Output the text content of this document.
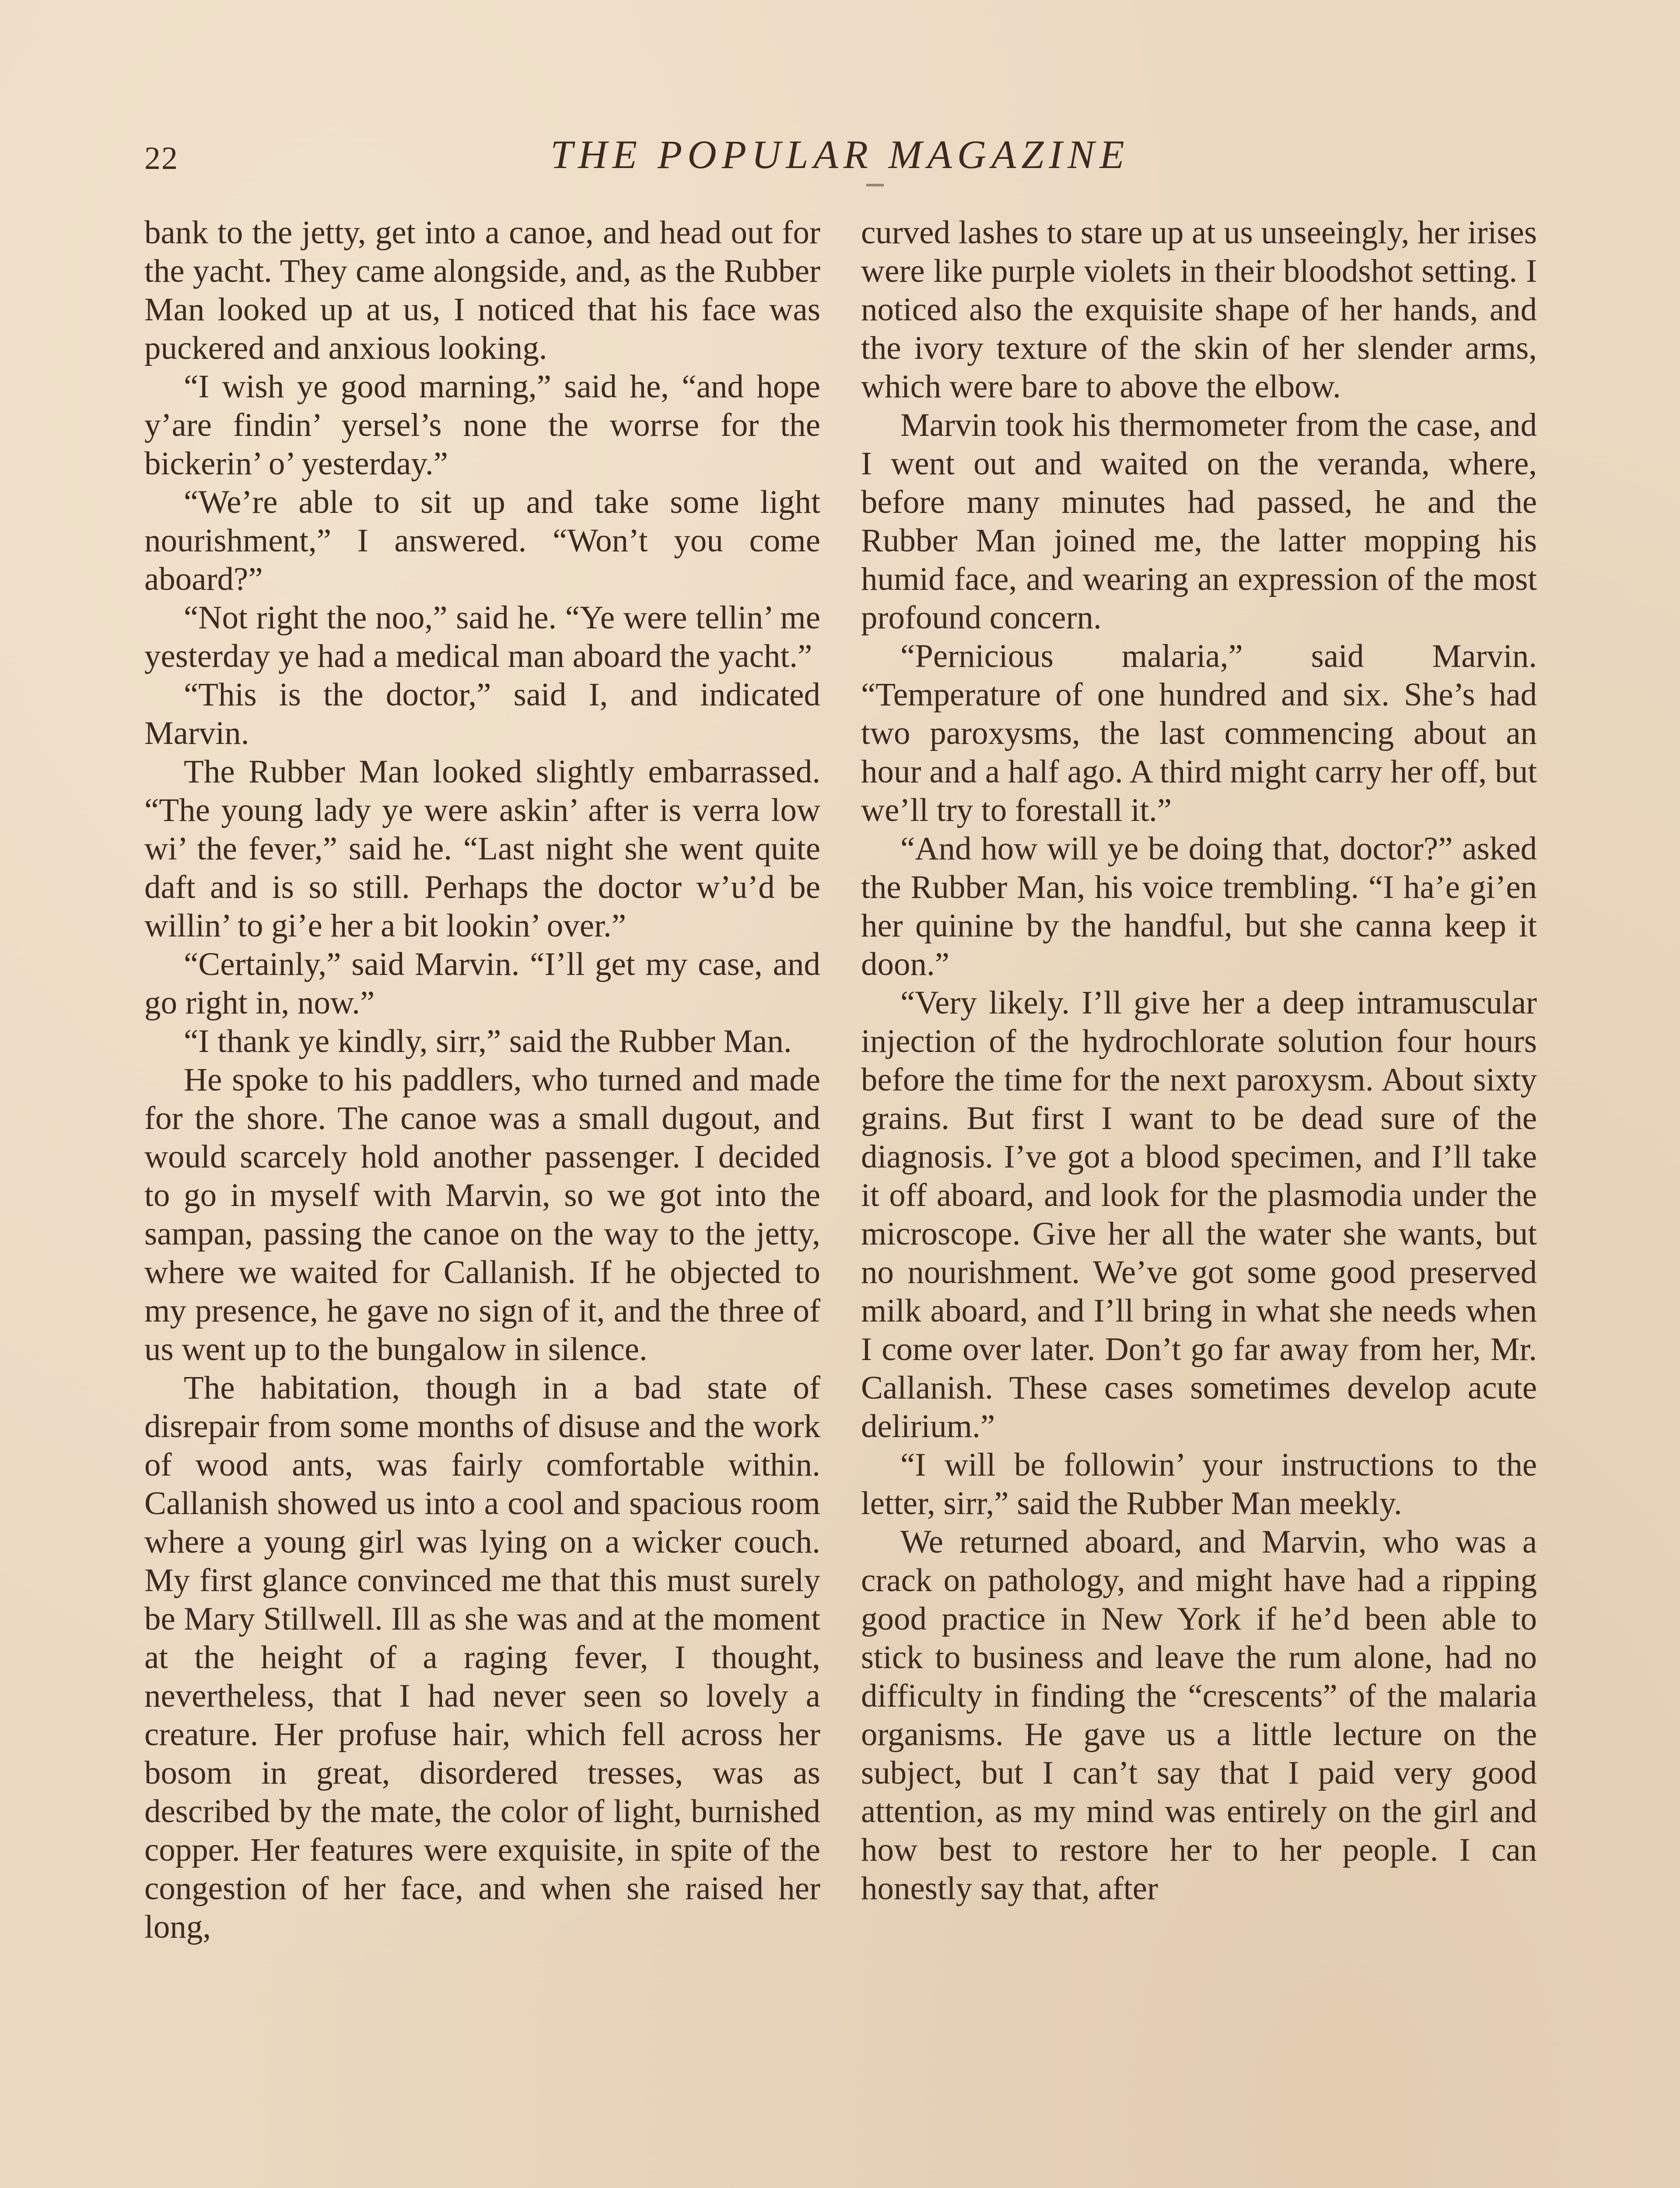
22	THE POPULAR MAGAZINE

bank to the jetty, get into a canoe, and head out for the yacht. They came alongside, and, as the Rubber Man looked up at us, I noticed that his face was puckered and anxious looking.

“I wish ye good marning,” said he, “and hope y’are findin’ yersel’s none the worrse for the bickerin’ o’ yesterday.”

“We’re able to sit up and take some light nourishment,” I answered. “Won’t you come aboard?”

“Not right the noo,” said he. “Ye were tellin’ me yesterday ye had a medical man aboard the yacht.”

“This is the doctor,” said I, and indicated Marvin.

The Rubber Man looked slightly embarrassed. “The young lady ye were askin’ after is verra low wi’ the fever,” said he. “Last night she went quite daft and is so still. Perhaps the doctor w’u’d be willin’ to gi’e her a bit lookin’ over.”

“Certainly,” said Marvin. “I’ll get my case, and go right in, now.”

“I thank ye kindly, sirr,” said the Rubber Man.

He spoke to his paddlers, who turned and made for the shore. The canoe was a small dugout, and would scarcely hold another passenger. I decided to go in myself with Marvin, so we got into the sampan, passing the canoe on the way to the jetty, where we waited for Callanish. If he objected to my presence, he gave no sign of it, and the three of us went up to the bungalow in silence.

The habitation, though in a bad state of disrepair from some months of disuse and the work of wood ants, was fairly comfortable within. Callanish showed us into a cool and spacious room where a young girl was lying on a wicker couch. My first glance convinced me that this must surely be Mary Stillwell. Ill as she was and at the moment at the height of a raging fever, I thought, nevertheless, that I had never seen so lovely a creature. Her profuse hair, which fell across her bosom in great, disordered tresses, was as described by the mate, the color of light, burnished copper. Her features were exquisite, in spite of the congestion of her face, and when she raised her long,

curved lashes to stare up at us unseeingly, her irises were like purple violets in their bloodshot setting. I noticed also the exquisite shape of her hands, and the ivory texture of the skin of her slender arms, which were bare to above the elbow.

Marvin took his thermometer from the case, and I went out and waited on the veranda, where, before many minutes had passed, he and the Rubber Man joined me, the latter mopping his humid face, and wearing an expression of the most profound concern.

“Pernicious malaria,” said Marvin. “Temperature of one hundred and six. She’s had two paroxysms, the last commencing about an hour and a half ago. A third might carry her off, but we’ll try to forestall it.”

“And how will ye be doing that, doctor?” asked the Rubber Man, his voice trembling. “I ha’e gi’en her quinine by the handful, but she canna keep it doon.”

“Very likely. I’ll give her a deep intramuscular injection of the hydrochlorate solution four hours before the time for the next paroxysm. About sixty grains. But first I want to be dead sure of the diagnosis. I’ve got a blood specimen, and I’ll take it off aboard, and look for the plasmodia under the microscope. Give her all the water she wants, but no nourishment. We’ve got some good preserved milk aboard, and I’ll bring in what she needs when I come over later. Don’t go far away from her, Mr. Callanish. These cases sometimes develop acute delirium.”

“I will be followin’ your instructions to the letter, sirr,” said the Rubber Man meekly.

We returned aboard, and Marvin, who was a crack on pathology, and might have had a ripping good practice in New York if he’d been able to stick to business and leave the rum alone, had no difficulty in finding the “crescents” of the malaria organisms. He gave us a little lecture on the subject, but I can’t say that I paid very good attention, as my mind was entirely on the girl and how best to restore her to her people. I can honestly say that, after
